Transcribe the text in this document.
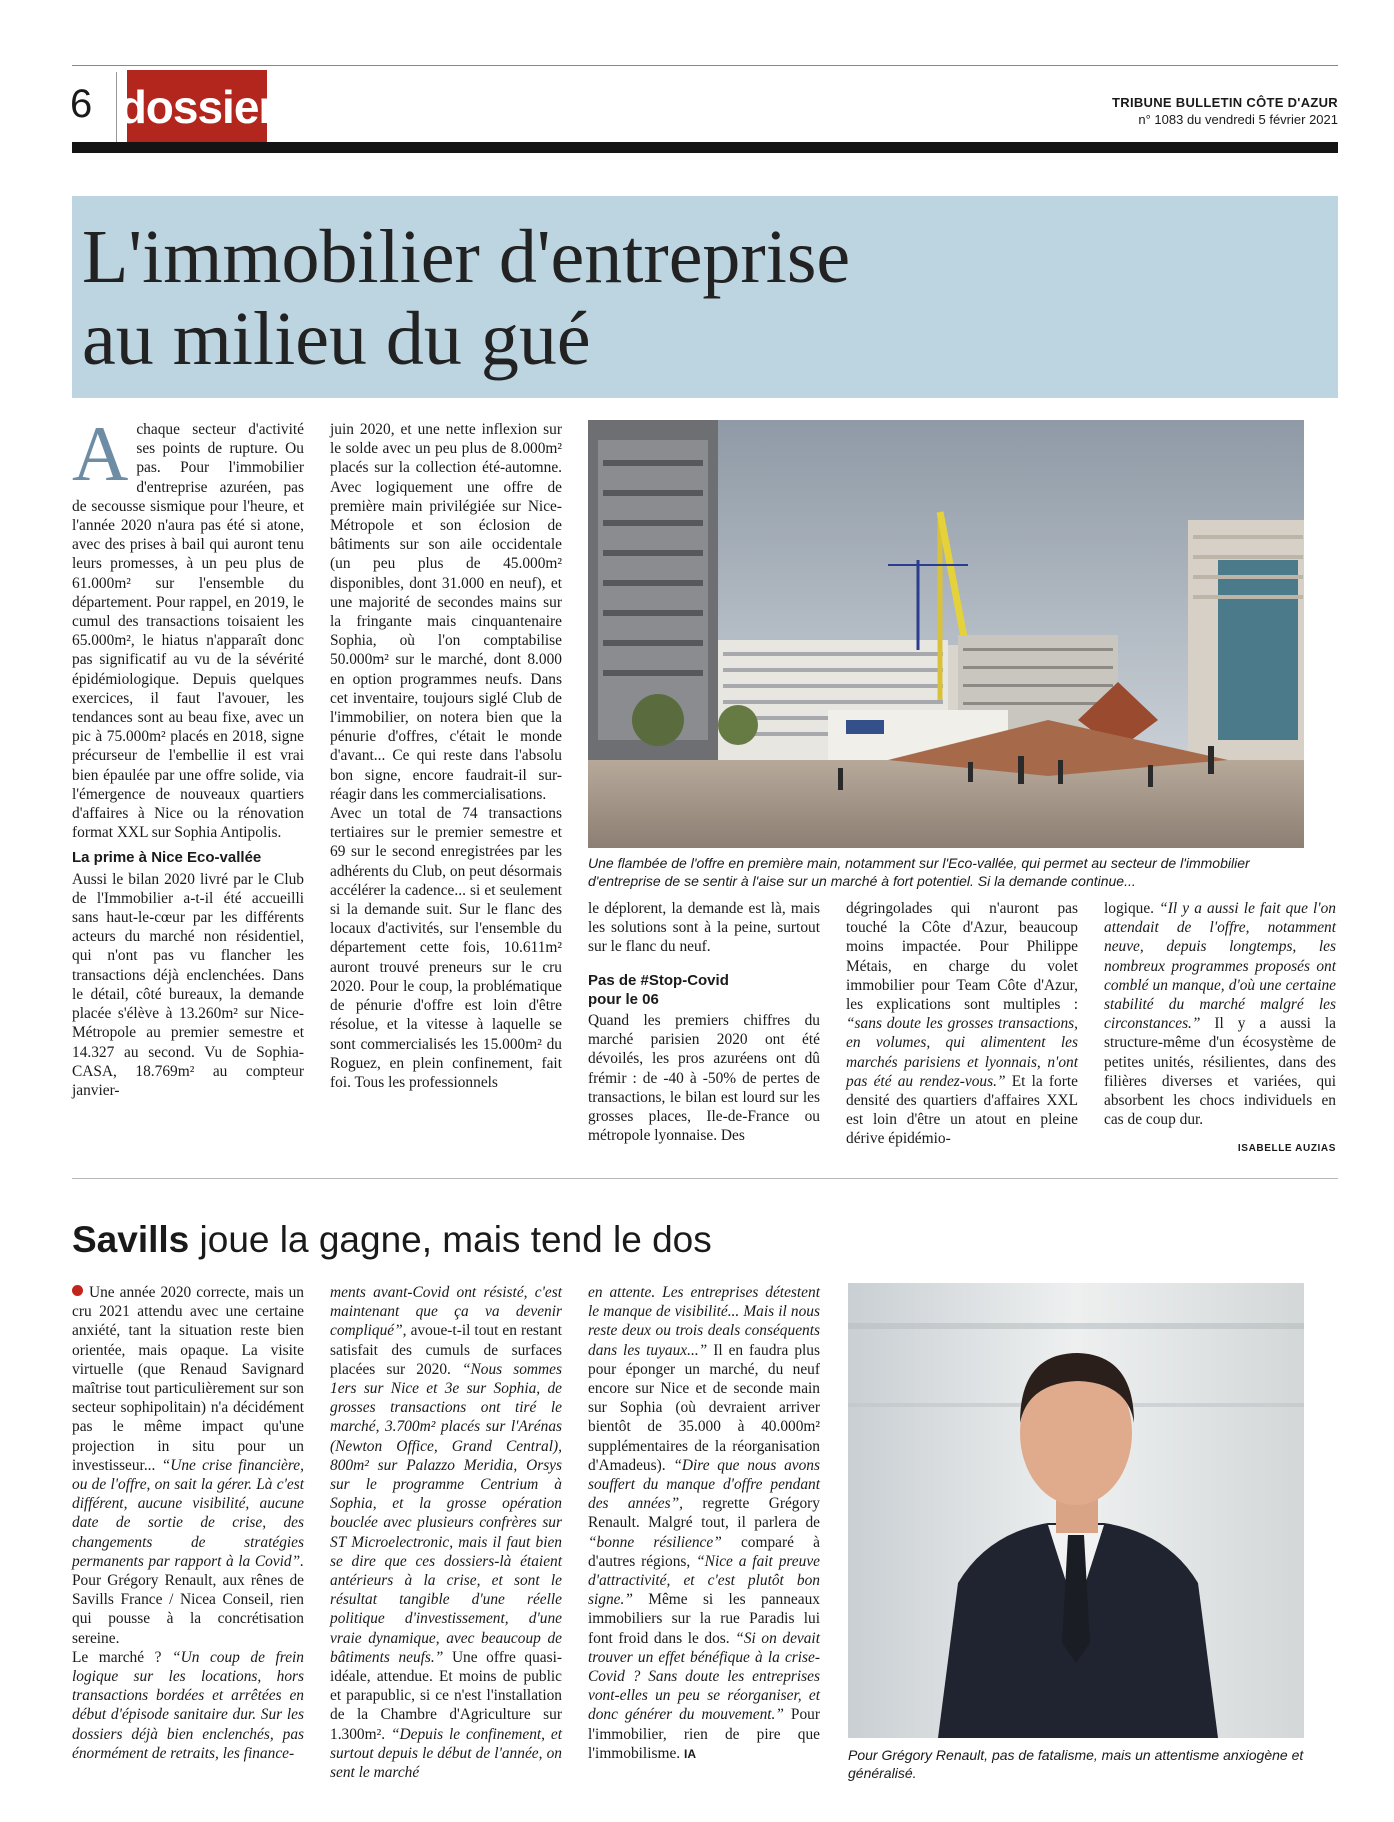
6 dossier	TRIBUNE BULLETIN CÔTE D'AZUR
n° 1083 du vendredi 5 février 2021
L'immobilier d'entreprise
au milieu du gué

Achaque secteur d'activité ses points de rupture. Ou pas. Pour l'immobilier d'entreprise azuréen, pas de secousse sismique pour l'heure, et l'année 2020 n'aura pas été si atone, avec des prises à bail qui auront tenu leurs promesses, à un peu plus de 61.000m² sur l'ensemble du département. Pour rappel, en 2019, le cumul des transactions toisaient les 65.000m², le hiatus n'apparaît donc pas significatif au vu de la sévérité épidémiologique. Depuis quelques exercices, il faut l'avouer, les tendances sont au beau fixe, avec un pic à 75.000m² placés en 2018, signe précurseur de l'embellie il est vrai bien épaulée par une offre solide, via l'émergence de nouveaux quartiers d'affaires à Nice ou la rénovation format XXL sur Sophia Antipolis.

La prime à Nice Eco-vallée

Aussi le bilan 2020 livré par le Club de l'Immobilier a-t-il été accueilli sans haut-le-cœur par les différents acteurs du marché non résidentiel, qui n'ont pas vu flancher les transactions déjà enclenchées. Dans le détail, côté bureaux, la demande placée s'élève à 13.260m² sur Nice-Métropole au premier semestre et 14.327 au second. Vu de Sophia-CASA, 18.769m² au compteur janvier-

juin 2020, et une nette inflexion sur le solde avec un peu plus de 8.000m² placés sur la collection été-automne. Avec logiquement une offre de première main privilégiée sur Nice-Métropole et son éclosion de bâtiments sur son aile occidentale (un peu plus de 45.000m² disponibles, dont 31.000 en neuf), et une majorité de secondes mains sur la fringante mais cinquantenaire Sophia, où l'on comptabilise 50.000m² sur le marché, dont 8.000 en option programmes neufs. Dans cet inventaire, toujours siglé Club de l'immobilier, on notera bien que la pénurie d'offres, c'était le monde d'avant... Ce qui reste dans l'absolu bon signe, encore faudrait-il sur-réagir dans les commercialisations.

Avec un total de 74 transactions tertiaires sur le premier semestre et 69 sur le second enregistrées par les adhérents du Club, on peut désormais accélérer la cadence... si et seulement si la demande suit. Sur le flanc des locaux d'activités, sur l'ensemble du département cette fois, 10.611m² auront trouvé preneurs sur le cru 2020. Pour le coup, la problématique de pénurie d'offre est loin d'être résolue, et la vitesse à laquelle se sont commercialisés les 15.000m² du Roguez, en plein confinement, fait foi. Tous les professionnels

Une flambée de l'offre en première main, notamment sur l'Eco-vallée, qui permet au secteur de l'immobilier d'entreprise de se sentir à l'aise sur un marché à fort potentiel. Si la demande continue...

le déplorent, la demande est là, mais les solutions sont à la peine, surtout sur le flanc du neuf.

Pas de #Stop-Covid

pour le 06

Quand les premiers chiffres du marché parisien 2020 ont été dévoilés, les pros azuréens ont dû frémir : de -40 à -50% de pertes de transactions, le bilan est lourd sur les grosses places, Ile-de-France ou métropole lyonnaise. Des

dégringolades qui n'auront pas touché la Côte d'Azur, beaucoup moins impactée. Pour Philippe Métais, en charge du volet immobilier pour Team Côte d'Azur, les explications sont multiples : “sans doute les grosses transactions, en volumes, qui alimentent les marchés parisiens et lyonnais, n'ont pas été au rendez-vous.” Et la forte densité des quartiers d'affaires XXL est loin d'être un atout en pleine dérive épidémio-

logique. “Il y a aussi le fait que l'on attendait de l'offre, notamment neuve, depuis longtemps, les nombreux programmes proposés ont comblé un manque, d'où une certaine stabilité du marché malgré les circonstances.” Il y a aussi la structure-même d'un écosystème de petites unités, résilientes, dans des filières diverses et variées, qui absorbent les chocs individuels en cas de coup dur.

ISABELLE AUZIAS

Savills joue la gagne, mais tend le dos

Une année 2020 correcte, mais un cru 2021 attendu avec une certaine anxiété, tant la situation reste bien orientée, mais opaque. La visite virtuelle (que Renaud Savignard maîtrise tout particulièrement sur son secteur sophipolitain) n'a décidément pas le même impact qu'une projection in situ pour un investisseur... “Une crise financière, ou de l'offre, on sait la gérer. Là c'est différent, aucune visibilité, aucune date de sortie de crise, des changements de stratégies permanents par rapport à la Covid”. Pour Grégory Renault, aux rênes de Savills France / Nicea Conseil, rien qui pousse à la concrétisation sereine.

Le marché ? “Un coup de frein logique sur les locations, hors transactions bordées et arrêtées en début d'épisode sanitaire dur. Sur les dossiers déjà bien enclenchés, pas énormément de retraits, les finance-

ments avant-Covid ont résisté, c'est maintenant que ça va devenir compliqué”, avoue-t-il tout en restant satisfait des cumuls de surfaces placées sur 2020. “Nous sommes 1ers sur Nice et 3e sur Sophia, de grosses transactions ont tiré le marché, 3.700m² placés sur l'Arénas (Newton Office, Grand Central), 800m² sur Palazzo Meridia, Orsys sur le programme Centrium à Sophia, et la grosse opération bouclée avec plusieurs confrères sur ST Microelectronic, mais il faut bien se dire que ces dossiers-là étaient antérieurs à la crise, et sont le résultat tangible d'une réelle politique d'investissement, d'une vraie dynamique, avec beaucoup de bâtiments neufs.” Une offre quasi-idéale, attendue. Et moins de public et parapublic, si ce n'est l'installation de la Chambre d'Agriculture sur 1.300m². “Depuis le confinement, et surtout depuis le début de l'année, on sent le marché

en attente. Les entreprises détestent le manque de visibilité... Mais il nous reste deux ou trois deals conséquents dans les tuyaux...” Il en faudra plus pour éponger un marché, du neuf encore sur Nice et de seconde main sur Sophia (où devraient arriver bientôt de 35.000 à 40.000m² supplémentaires de la réorganisation d'Amadeus). “Dire que nous avons souffert du manque d'offre pendant des années”, regrette Grégory Renault. Malgré tout, il parlera de “bonne résilience” comparé à d'autres régions, “Nice a fait preuve d'attractivité, et c'est plutôt bon signe.” Même si les panneaux immobiliers sur la rue Paradis lui font froid dans le dos. “Si on devait trouver un effet bénéfique à la crise-Covid ? Sans doute les entreprises vont-elles un peu se réorganiser, et donc générer du mouvement.” Pour l'immobilier, rien de pire que l'immobilisme. IA	Pour Grégory Renault, pas de fatalisme, mais un attentisme anxiogène et généralisé.
